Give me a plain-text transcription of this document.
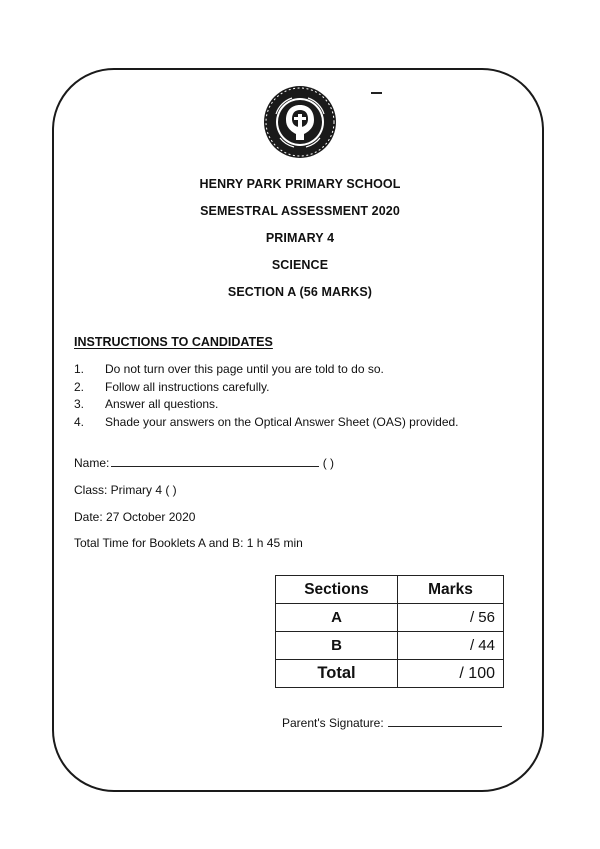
HENRY PARK PRIMARY SCHOOL
SEMESTRAL ASSESSMENT 2020
PRIMARY 4
SCIENCE
SECTION A (56 MARKS)
INSTRUCTIONS TO CANDIDATES
1. Do not turn over this page until you are told to do so.
2. Follow all instructions carefully.
3. Answer all questions.
4. Shade your answers on the Optical Answer Sheet (OAS) provided.
Name:	( )
Class: Primary 4 ( )
Date: 27 October 2020
Total Time for Booklets A and B: 1 h 45 min
Sections	Marks
A	/ 56
B	/ 44
Total	/ 100
Parent's Signature:
